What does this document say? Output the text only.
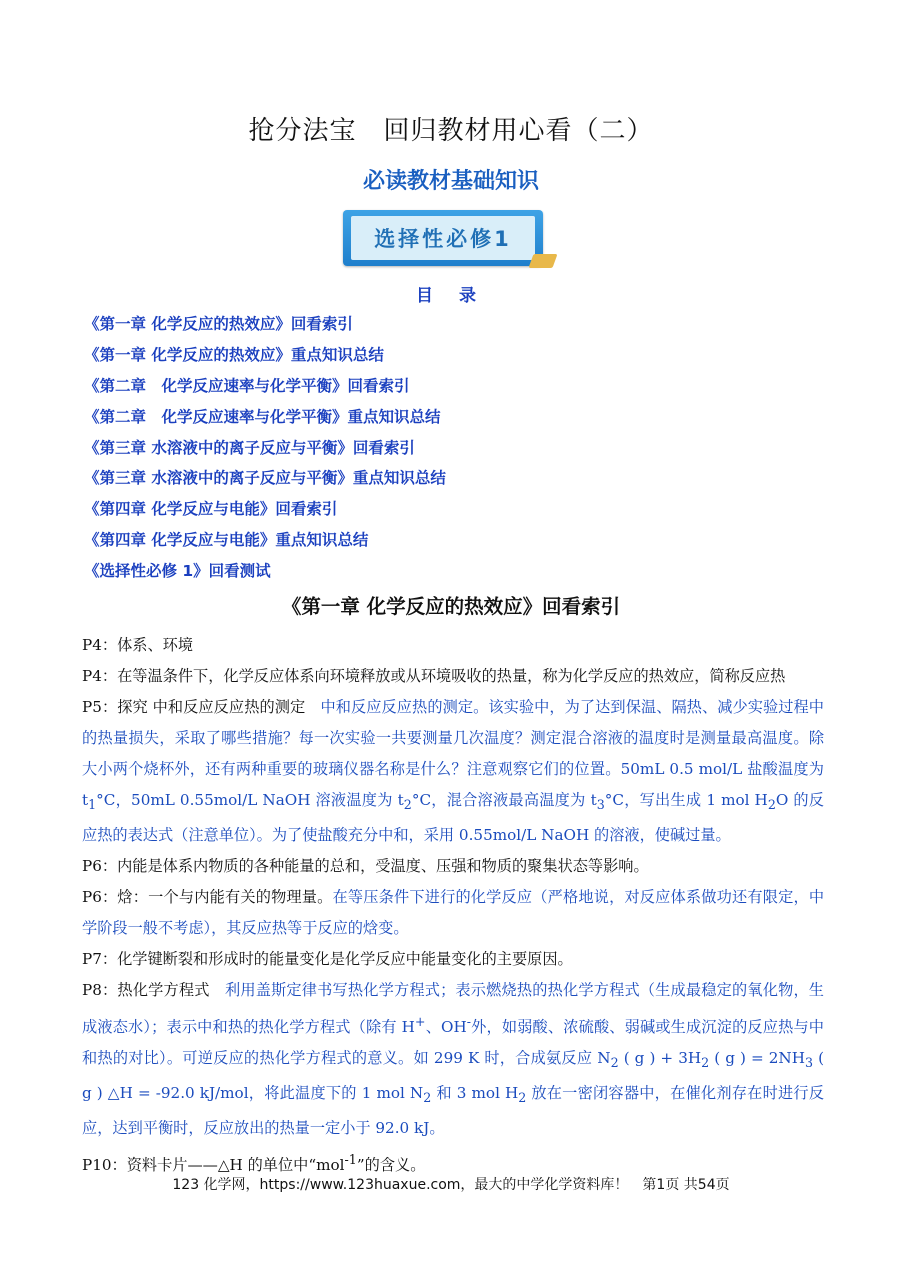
抢分法宝　回归教材用心看（二）
必读教材基础知识
选择性必修1
目 录
《第一章 化学反应的热效应》回看索引
《第一章 化学反应的热效应》重点知识总结
《第二章　化学反应速率与化学平衡》回看索引
《第二章　化学反应速率与化学平衡》重点知识总结
《第三章 水溶液中的离子反应与平衡》回看索引
《第三章 水溶液中的离子反应与平衡》重点知识总结
《第四章 化学反应与电能》回看索引
《第四章 化学反应与电能》重点知识总结
《选择性必修 1》回看测试
《第一章 化学反应的热效应》回看索引

P4：体系、环境

P4：在等温条件下，化学反应体系向环境释放或从环境吸收的热量，称为化学反应的热效应，简称反应热

P5：探究 中和反应反应热的测定　中和反应反应热的测定。该实验中，为了达到保温、隔热、减少实验过程中的热量损失，采取了哪些措施？每一次实验一共要测量几次温度？测定混合溶液的温度时是测量最高温度。除大小两个烧杯外，还有两种重要的玻璃仪器名称是什么？注意观察它们的位置。50mL 0.5 mol/L 盐酸温度为 $t_1^\circ C$，50mL 0.55mol/L NaOH 溶液温度为 $t_2^\circ C$，混合溶液最高温度为 $t_3^\circ C$，写出生成 1 mol $H_2O$ 的反应热的表达式（注意单位）。为了使盐酸充分中和，采用 0.55mol/L NaOH 的溶液，使碱过量。

P6：内能是体系内物质的各种能量的总和，受温度、压强和物质的聚集状态等影响。

P6：焓：一个与内能有关的物理量。在等压条件下进行的化学反应（严格地说，对反应体系做功还有限定，中学阶段一般不考虑），其反应热等于反应的焓变。

P7：化学键断裂和形成时的能量变化是化学反应中能量变化的主要原因。

P8：热化学方程式　利用盖斯定律书写热化学方程式；表示燃烧热的热化学方程式（生成最稳定的氧化物，生成液态水）；表示中和热的热化学方程式（除有 H+、OH-外，如弱酸、浓硫酸、弱碱或生成沉淀的反应热与中和热的对比）。可逆反应的热化学方程式的意义。如 299 K 时，合成氨反应 $N_2$ ( g ) + $3H_2$ ( g ) = $2NH_3$ ( g ) △H = -92.0 kJ/mol，将此温度下的 1 mol $N_2$ 和 3 mol $H_2$ 放在一密闭容器中，在催化剂存在时进行反应，达到平衡时，反应放出的热量一定小于 92.0 kJ。

P10：资料卡片——△H 的单位中“mol$^{-1}$”的含义。

123 化学网，https://www.123huaxue.com，最大的中学化学资料库！　第1页 共54页
